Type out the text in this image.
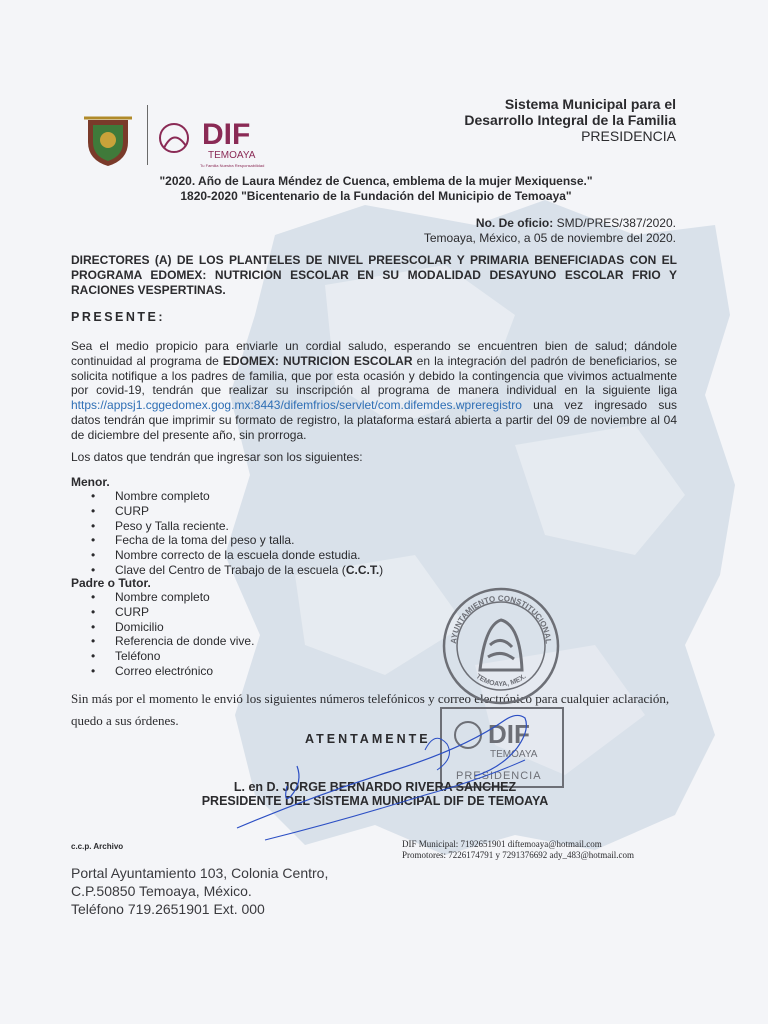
DIF
TEMOAYA
Tu Familia Nuestra Responsabilidad
Sistema Municipal para el
Desarrollo Integral de la Familia
PRESIDENCIA
"2020. Año de Laura Méndez de Cuenca, emblema de la mujer Mexiquense."
1820-2020 "Bicentenario de la Fundación del Municipio de Temoaya"
No. De oficio: SMD/PRES/387/2020.
Temoaya, México, a 05 de noviembre del 2020.
DIRECTORES (A) DE LOS PLANTELES DE NIVEL PREESCOLAR Y PRIMARIA BENEFICIADAS CON EL PROGRAMA EDOMEX: NUTRICION ESCOLAR EN SU MODALIDAD DESAYUNO ESCOLAR FRIO Y RACIONES VESPERTINAS.
PRESENTE:
Sea el medio propicio para enviarle un cordial saludo, esperando se encuentren bien de salud; dándole continuidad al programa de EDOMEX: NUTRICION ESCOLAR en la integración del padrón de beneficiarios, se solicita notifique a los padres de familia, que por esta ocasión y debido la contingencia que vivimos actualmente por covid-19, tendrán que realizar su inscripción al programa de manera individual en la siguiente liga https://appsj1.cggedomex.gog.mx:8443/difemfrios/servlet/com.difemdes.wpreregistro una vez ingresado sus datos tendrán que imprimir su formato de registro, la plataforma estará abierta a partir del 09 de noviembre al 04 de diciembre del presente año, sin prorroga.
Los datos que tendrán que ingresar son los siguientes:
Menor.
• Nombre completo
• CURP
• Peso y Talla reciente.
• Fecha de la toma del peso y talla.
• Nombre correcto de la escuela donde estudia.
• Clave del Centro de Trabajo de la escuela (C.C.T.)
Padre o Tutor.
• Nombre completo
• CURP
• Domicilio
• Referencia de donde vive.
• Teléfono
• Correo electrónico
Sin más por el momento le envió los siguientes números telefónicos y correo electrónico para cualquier aclaración, quedo a sus órdenes.
AYUNTAMIENTO CONSTITUCIONAL
TEMOAYA, MEX.
DIF
TEMOAYA
PRESIDENCIA
ATENTAMENTE
L. en D. JORGE BERNARDO RIVERA SANCHEZ
PRESIDENTE DEL SISTEMA MUNICIPAL DIF DE TEMOAYA
c.c.p. Archivo	DIF Municipal: 7192651901 diftemoaya@hotmail.com
Promotores: 7226174791 y 7291376692 ady_483@hotmail.com
Portal Ayuntamiento 103, Colonia Centro,
C.P.50850 Temoaya, México.
Teléfono 719.2651901 Ext. 000
